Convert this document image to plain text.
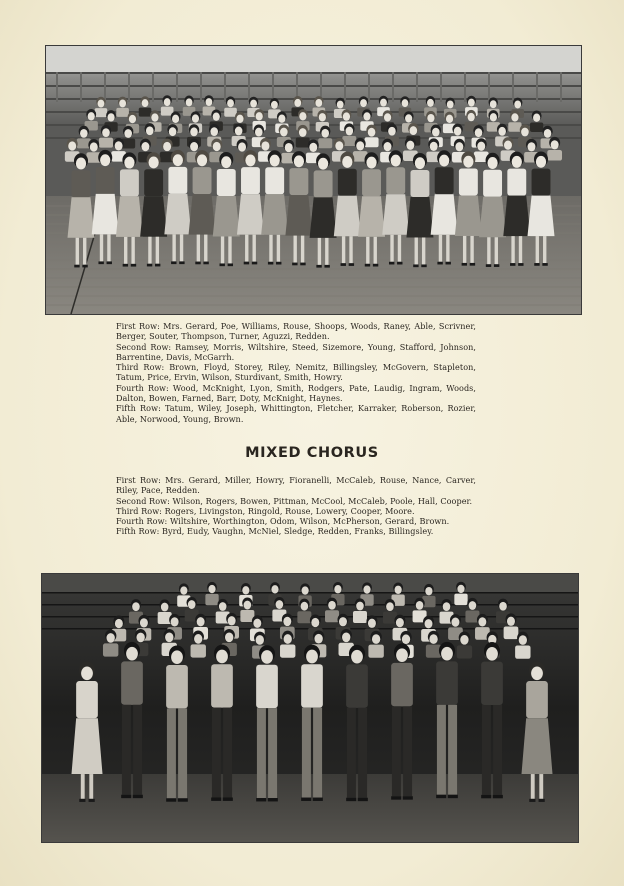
First Row: Mrs. Gerard, Poe, Williams, Rouse, Shoops, Woods, Raney, Able, Scrivner, Berger, Souter, Thompson, Turner, Aguzzi, Redden.
Second Row: Ramsey, Morris, Wiltshire, Steed, Sizemore, Young, Stafford, Johnson, Barrentine, Davis, McGarrh.
Third Row: Brown, Floyd, Storey, Riley, Nemitz, Billingsley, McGovern, Stapleton, Tatum, Price, Ervin, Wilson, Sturdivant, Smith, Howry.
Fourth Row: Wood, McKnight, Lyon, Smith, Rodgers, Pate, Laudig, Ingram, Woods, Dalton, Bowen, Farned, Barr, Doty, McKnight, Haynes.
Fifth Row: Tatum, Wiley, Joseph, Whittington, Fletcher, Karraker, Roberson, Rozier, Able, Norwood, Young, Brown.
MIXED CHORUS
First Row: Mrs. Gerard, Miller, Howry, Fioranelli, McCaleb, Rouse, Nance, Carver, Riley, Pace, Redden.
Second Row: Wilson, Rogers, Bowen, Pittman, McCool, McCaleb, Poole, Hall, Cooper.
Third Row: Rogers, Livingston, Ringold, Rouse, Lowery, Cooper, Moore.
Fourth Row: Wiltshire, Worthington, Odom, Wilson, McPherson, Gerard, Brown.
Fifth Row: Byrd, Eudy, Vaughn, McNiel, Sledge, Redden, Franks, Billingsley.
